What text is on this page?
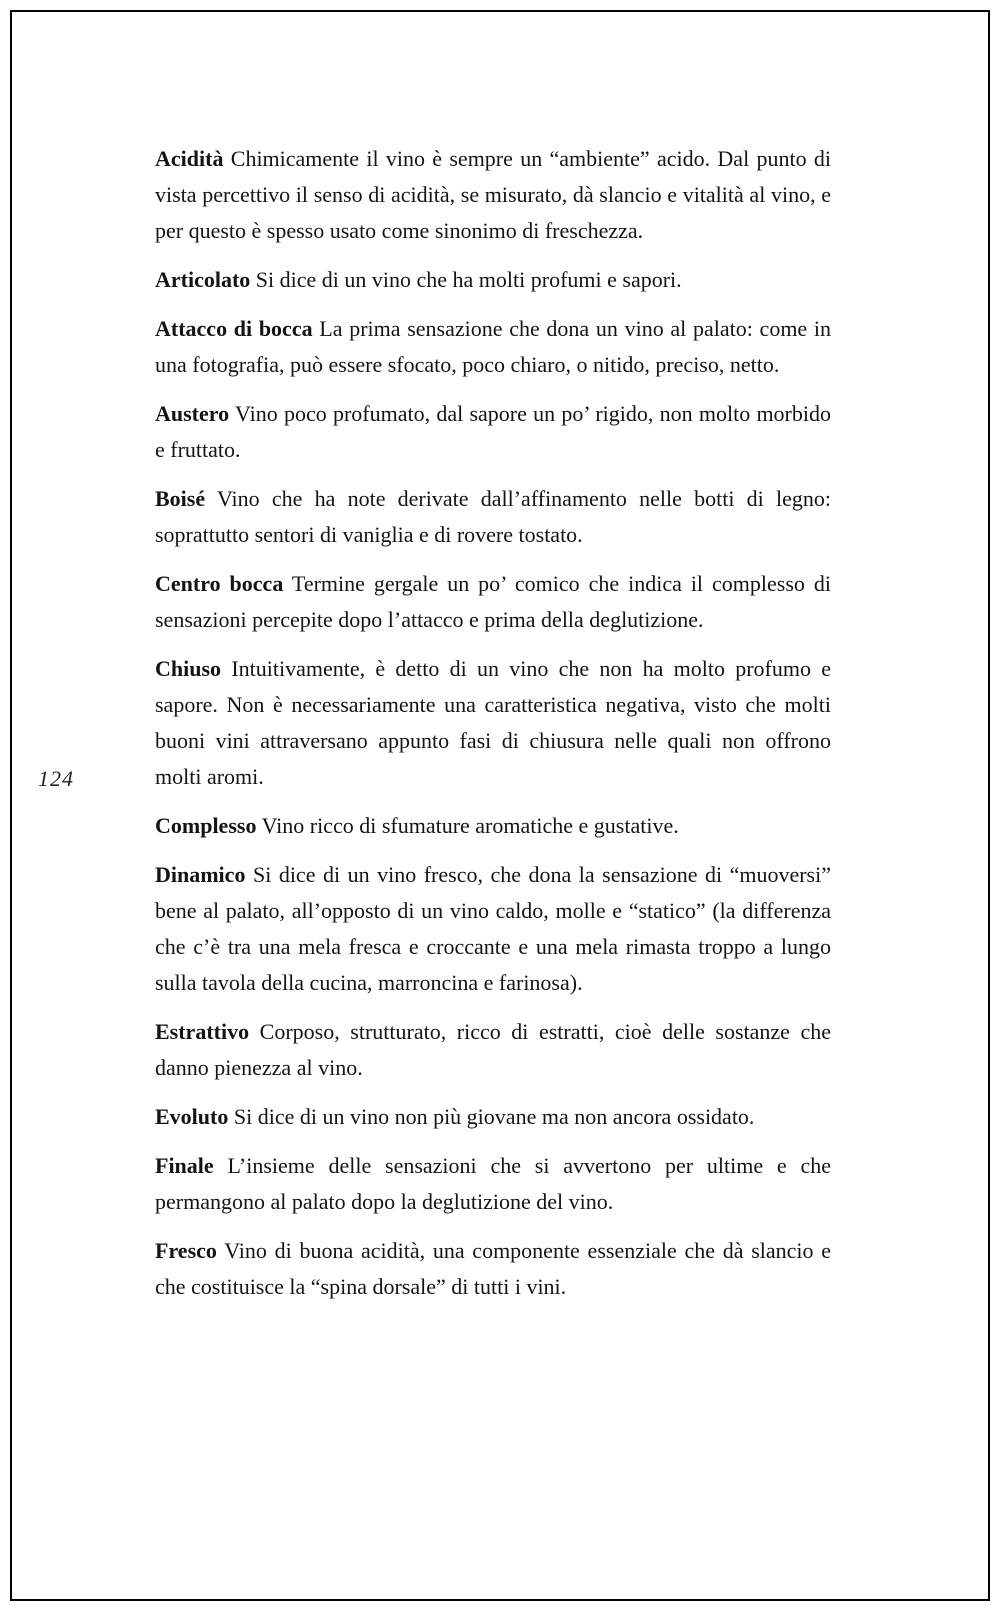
124

Acidità Chimicamente il vino è sempre un “ambiente” acido. Dal punto di vista percettivo il senso di acidità, se misurato, dà slancio e vitalità al vino, e per questo è spesso usato come sinonimo di freschezza.

Articolato Si dice di un vino che ha molti profumi e sapori.

Attacco di bocca La prima sensazione che dona un vino al palato: come in una fotografia, può essere sfocato, poco chiaro, o nitido, preciso, netto.

Austero Vino poco profumato, dal sapore un po’ rigido, non molto morbido e fruttato.

Boisé Vino che ha note derivate dall’affinamento nelle botti di legno: soprattutto sentori di vaniglia e di rovere tostato.

Centro bocca Termine gergale un po’ comico che indica il complesso di sensazioni percepite dopo l’attacco e prima della deglutizione.

Chiuso Intuitivamente, è detto di un vino che non ha molto profumo e sapore. Non è necessariamente una caratteristica negativa, visto che molti buoni vini attraversano appunto fasi di chiusura nelle quali non offrono molti aromi.

Complesso Vino ricco di sfumature aromatiche e gustative.

Dinamico Si dice di un vino fresco, che dona la sensazione di “muoversi” bene al palato, all’opposto di un vino caldo, molle e “statico” (la differenza che c’è tra una mela fresca e croccante e una mela rimasta troppo a lungo sulla tavola della cucina, marroncina e farinosa).

Estrattivo Corposo, strutturato, ricco di estratti, cioè delle sostanze che danno pienezza al vino.

Evoluto Si dice di un vino non più giovane ma non ancora ossidato.

Finale L’insieme delle sensazioni che si avvertono per ultime e che permangono al palato dopo la deglutizione del vino.

Fresco Vino di buona acidità, una componente essenziale che dà slancio e che costituisce la “spina dorsale” di tutti i vini.
